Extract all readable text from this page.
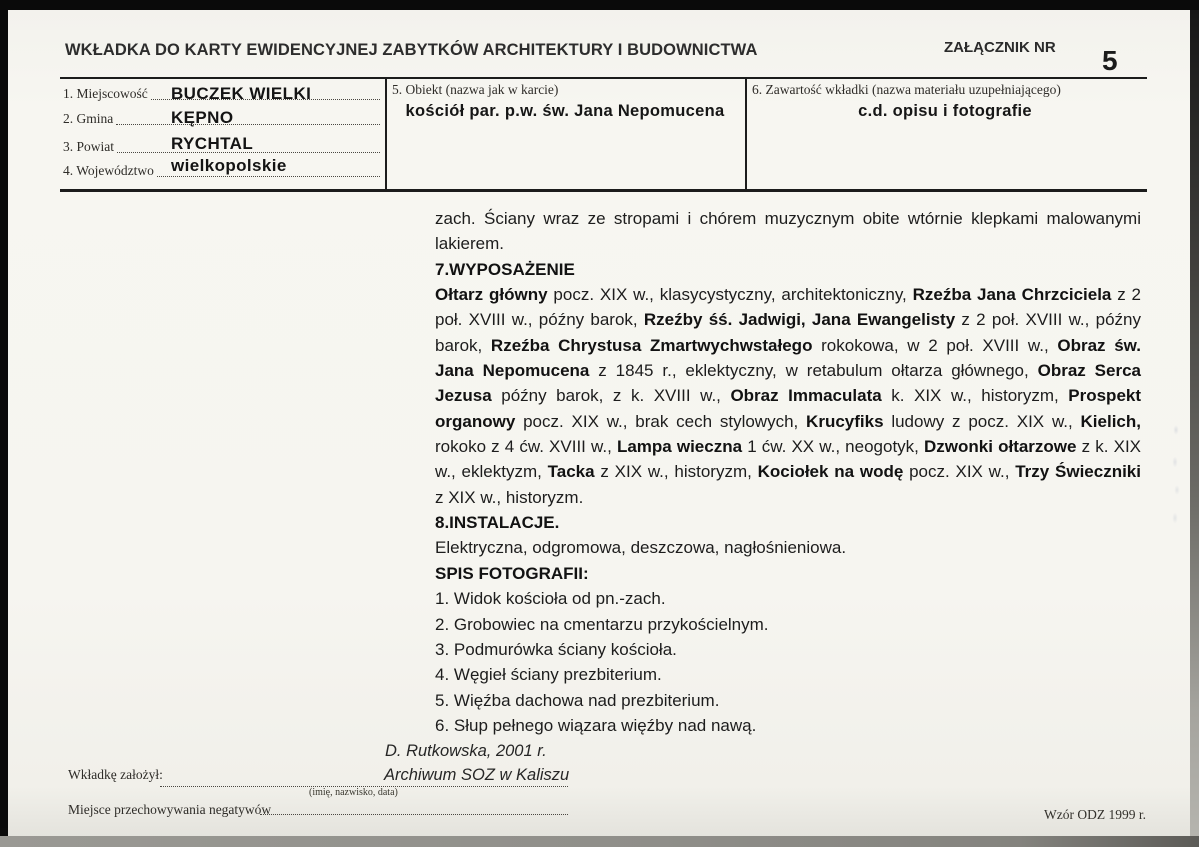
WKŁADKA DO KARTY EWIDENCYJNEJ ZABYTKÓW ARCHITEKTURY I BUDOWNICTWA	ZAŁĄCZNIK NR 5
1. Miejscowość BUCZEK WIELKI
2. Gmina	KĘPNO
3. Powiat	RYCHTAL
4. Województwo wielkopolskie
5. Obiekt (nazwa jak w karcie)
kościół par. p.w. św. Jana Nepomucena
6. Zawartość wkładki (nazwa materiału uzupełniającego)
c.d. opisu i fotografie
zach. Ściany wraz ze stropami i chórem muzycznym obite wtórnie klepkami malowanymi
lakierem.
7.WYPOSAŻENIE
Ołtarz główny pocz. XIX w., klasycystyczny, architektoniczny, Rzeźba Jana Chrzciciela z 2
poł. XVIII w., późny barok, Rzeźby śś. Jadwigi, Jana Ewangelisty z 2 poł. XVIII w., późny
barok, Rzeźba Chrystusa Zmartwychwstałego rokokowa, w 2 poł. XVIII w., Obraz św.
Jana Nepomucena z 1845 r., eklektyczny, w retabulum ołtarza głównego, Obraz Serca
Jezusa późny barok, z k. XVIII w., Obraz Immaculata k. XIX w., historyzm, Prospekt
organowy pocz. XIX w., brak cech stylowych, Krucyfiks ludowy z pocz. XIX w., Kielich,
rokoko z 4 ćw. XVIII w., Lampa wieczna 1 ćw. XX w., neogotyk, Dzwonki ołtarzowe z k. XIX
w., eklektyzm, Tacka z XIX w., historyzm, Kociołek na wodę pocz. XIX w., Trzy Świeczniki
z XIX w., historyzm.
8.INSTALACJE.
Elektryczna, odgromowa, deszczowa, nagłośnieniowa.
SPIS FOTOGRAFII:
1. Widok kościoła od pn.-zach.
2. Grobowiec na cmentarzu przykościelnym.
3. Podmurówka ściany kościoła.
4. Węgieł ściany prezbiterium.
5. Więźba dachowa nad prezbiterium.
6. Słup pełnego wiązara więźby nad nawą.
D. Rutkowska, 2001 r.
Wkładkę założył:
(imię, nazwisko, data)
Archiwum SOZ w Kaliszu
Miejsce przechowywania negatywów	Wzór ODZ 1999 r.
